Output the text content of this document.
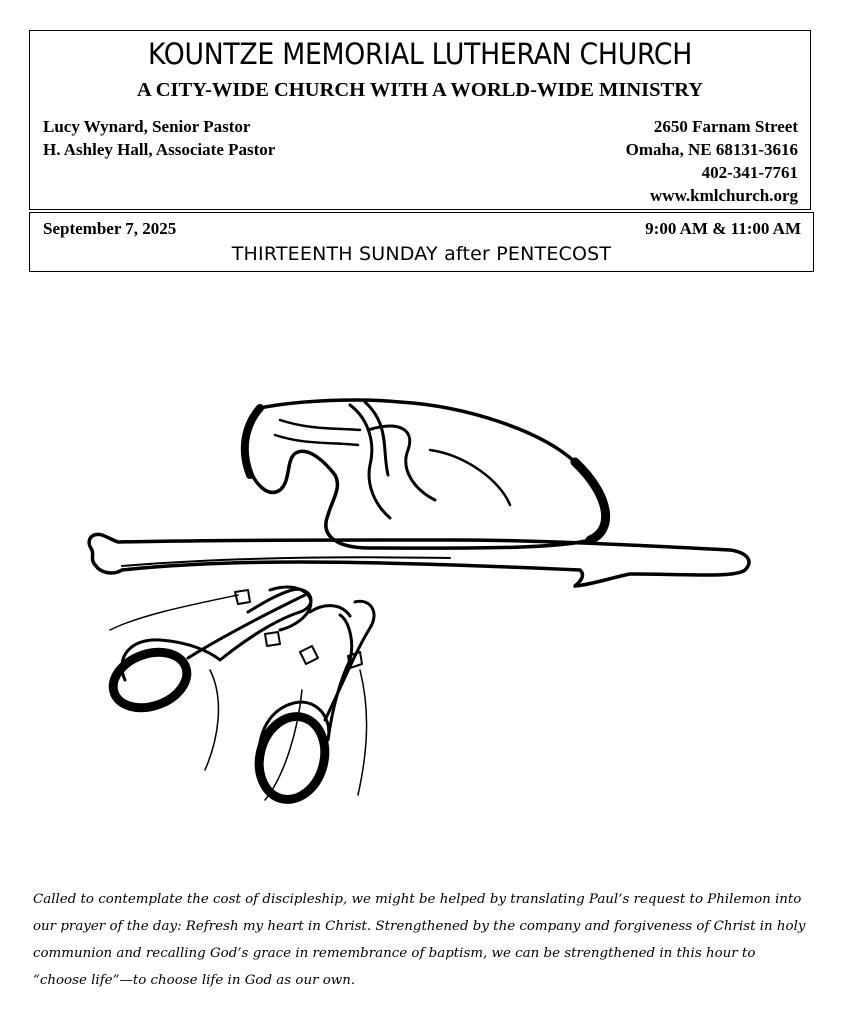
KOUNTZE MEMORIAL LUTHERAN CHURCH
A CITY-WIDE CHURCH WITH A WORLD-WIDE MINISTRY
Lucy Wynard, Senior Pastor
H. Ashley Hall, Associate Pastor
2650 Farnam Street
Omaha, NE 68131-3616
402-341-7761
www.kmlchurch.org
September 7, 2025	9:00 AM & 11:00 AM
THIRTEENTH SUNDAY after PENTECOST
Called to contemplate the cost of discipleship, we might be helped by translating Paul’s request to Philemon into our prayer of the day: Refresh my heart in Christ. Strengthened by the company and forgiveness of Christ in holy communion and recalling God’s grace in remembrance of baptism, we can be strengthened in this hour to “choose life”—to choose life in God as our own.
